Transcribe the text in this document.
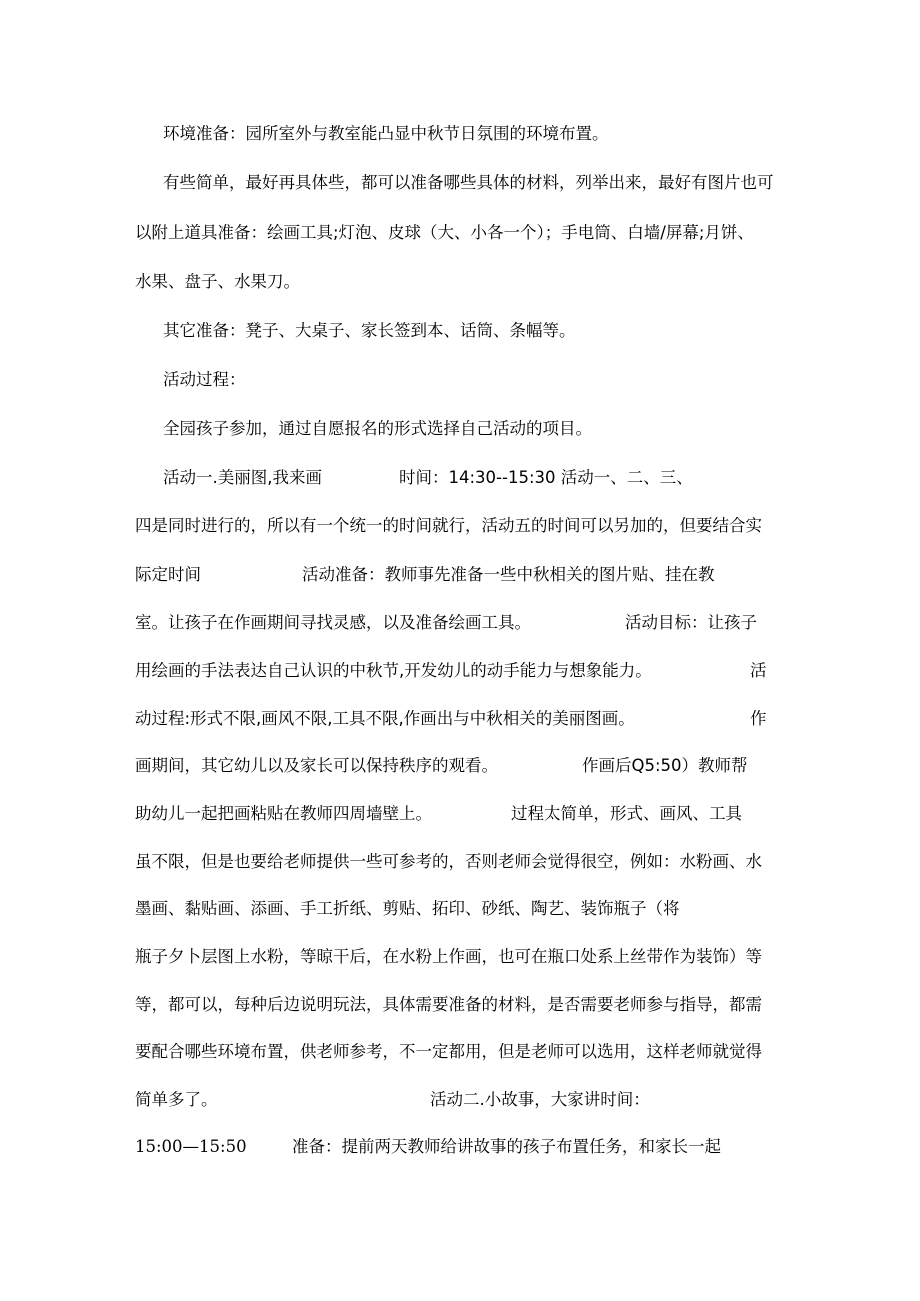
环境准备：园所室外与教室能凸显中秋节日氛围的环境布置。
有些简单，最好再具体些，都可以准备哪些具体的材料，列举出来，最好有图片也可
以附上道具准备：绘画工具;灯泡、皮球（大、小各一个）；手电筒、白墙/屏幕;月饼、
水果、盘子、水果刀。
其它准备：凳子、大桌子、家长签到本、话筒、条幅等。
活动过程：
全园孩子参加，通过自愿报名的形式选择自己活动的项目。
活动一.美丽图,我来画	时间：14:30--15:30 活动一、二、三、
四是同时进行的，所以有一个统一的时间就行，活动五的时间可以另加的，但要结合实
际定时间	活动准备：教师事先准备一些中秋相关的图片贴、挂在教
室。让孩子在作画期间寻找灵感，以及准备绘画工具。	活动目标：让孩子
用绘画的手法表达自己认识的中秋节,开发幼儿的动手能力与想象能力。	活
动过程:形式不限,画风不限,工具不限,作画出与中秋相关的美丽图画。	作
画期间，其它幼儿以及家长可以保持秩序的观看。	作画后Q5:50）教师帮
助幼儿一起把画粘贴在教师四周墙壁上。	过程太简单，形式、画风、工具
虽不限，但是也要给老师提供一些可参考的，否则老师会觉得很空，例如：水粉画、水
墨画、黏贴画、添画、手工折纸、剪贴、拓印、砂纸、陶艺、装饰瓶子（将
瓶子夕卜层图上水粉，等晾干后，在水粉上作画，也可在瓶口处系上丝带作为装饰）等
等，都可以，每种后边说明玩法，具体需要准备的材料，是否需要老师参与指导，都需
要配合哪些环境布置，供老师参考，不一定都用，但是老师可以选用，这样老师就觉得
简单多了。	活动二.小故事，大家讲时间：
15:00—15:50	准备：提前两天教师给讲故事的孩子布置任务，和家长一起
